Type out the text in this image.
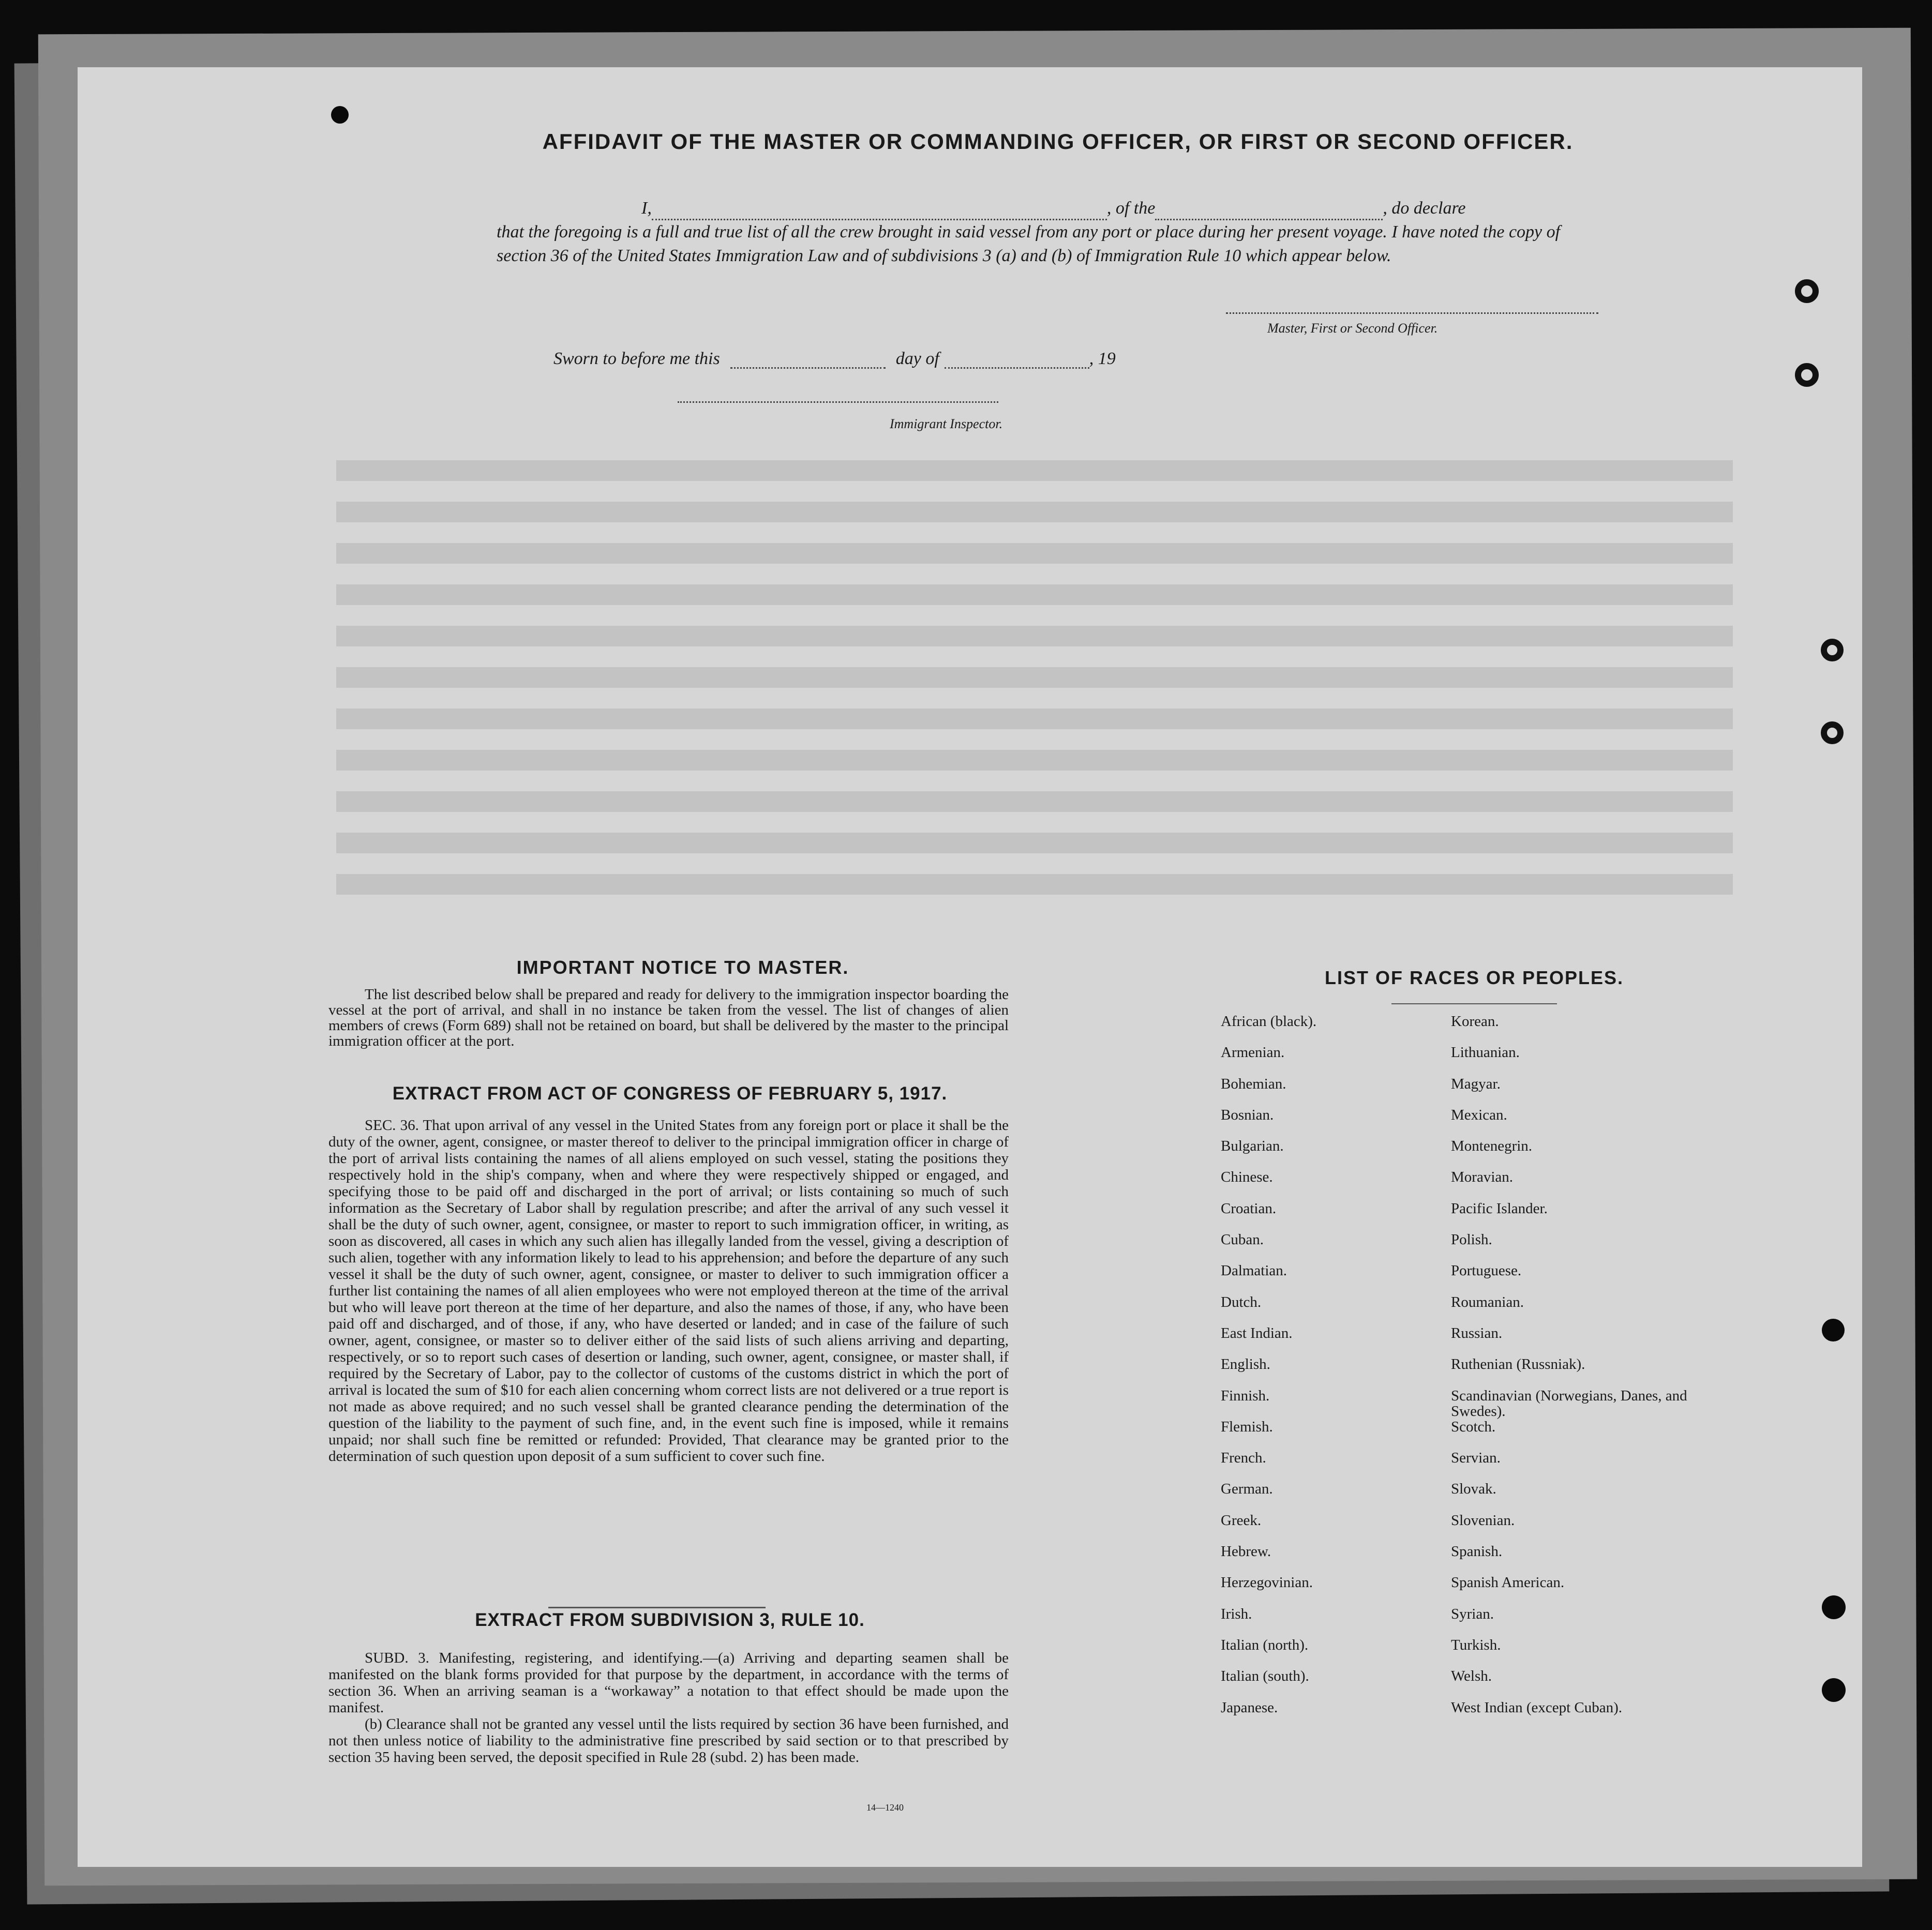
AFFIDAVIT OF THE MASTER OR COMMANDING OFFICER, OR FIRST OR SECOND OFFICER.
I,	, of the	, do declare
that the foregoing is a full and true list of all the crew brought in said vessel from any port or place during her present voyage. I have noted the copy of section 36 of the United States Immigration Law and of subdivisions 3 (a) and (b) of Immigration Rule 10 which appear below.
Master, First or Second Officer.
Sworn to before me this	day of	, 19
Immigrant Inspector.
IMPORTANT NOTICE TO MASTER.
The list described below shall be prepared and ready for delivery to the immigration inspector boarding the vessel at the port of arrival, and shall in no instance be taken from the vessel. The list of changes of alien members of crews (Form 689) shall not be retained on board, but shall be delivered by the master to the principal immigration officer at the port.
EXTRACT FROM ACT OF CONGRESS OF FEBRUARY 5, 1917.

SEC. 36. That upon arrival of any vessel in the United States from any foreign port or place it shall be the duty of the owner, agent, consignee, or master thereof to deliver to the principal immigration officer in charge of the port of arrival lists containing the names of all aliens employed on such vessel, stating the positions they respectively hold in the ship's company, when and where they were respectively shipped or engaged, and specifying those to be paid off and discharged in the port of arrival; or lists containing so much of such information as the Secretary of Labor shall by regulation prescribe; and after the arrival of any such vessel it shall be the duty of such owner, agent, consignee, or master to report to such immigration officer, in writing, as soon as discovered, all cases in which any such alien has illegally landed from the vessel, giving a description of such alien, together with any information likely to lead to his apprehension; and before the departure of any such vessel it shall be the duty of such owner, agent, consignee, or master to deliver to such immigration officer a further list containing the names of all alien employees who were not employed thereon at the time of the arrival but who will leave port thereon at the time of her departure, and also the names of those, if any, who have been paid off and discharged, and of those, if any, who have deserted or landed; and in case of the failure of such owner, agent, consignee, or master so to deliver either of the said lists of such aliens arriving and departing, respectively, or so to report such cases of desertion or landing, such owner, agent, consignee, or master shall, if required by the Secretary of Labor, pay to the collector of customs of the customs district in which the port of arrival is located the sum of $10 for each alien concerning whom correct lists are not delivered or a true report is not made as above required; and no such vessel shall be granted clearance pending the determination of the question of the liability to the payment of such fine, and, in the event such fine is imposed, while it remains unpaid; nor shall such fine be remitted or refunded: Provided, That clearance may be granted prior to the determination of such question upon deposit of a sum sufficient to cover such fine.

EXTRACT FROM SUBDIVISION 3, RULE 10.

SUBD. 3. Manifesting, registering, and identifying.—(a) Arriving and departing seamen shall be manifested on the blank forms provided for that purpose by the department, in accordance with the terms of section 36. When an arriving seaman is a “workaway” a notation to that effect should be made upon the manifest.

(b) Clearance shall not be granted any vessel until the lists required by section 36 have been furnished, and not then unless notice of liability to the administrative fine prescribed by said section or to that prescribed by section 35 having been served, the deposit specified in Rule 28 (subd. 2) has been made.

14—1240
LIST OF RACES OR PEOPLES.
African (black).
Armenian.
Bohemian.
Bosnian.
Bulgarian.
Chinese.
Croatian.
Cuban.
Dalmatian.
Dutch.
East Indian.
English.
Finnish.
Flemish.
French.
German.
Greek.
Hebrew.
Herzegovinian.
Irish.
Italian (north).
Italian (south).
Japanese.
Korean.
Lithuanian.
Magyar.
Mexican.
Montenegrin.
Moravian.
Pacific Islander.
Polish.
Portuguese.
Roumanian.
Russian.
Ruthenian (Russniak).
Scandinavian (Norwegians, Danes, and Swedes).
Scotch.
Servian.
Slovak.
Slovenian.
Spanish.
Spanish American.
Syrian.
Turkish.
Welsh.
West Indian (except Cuban).
